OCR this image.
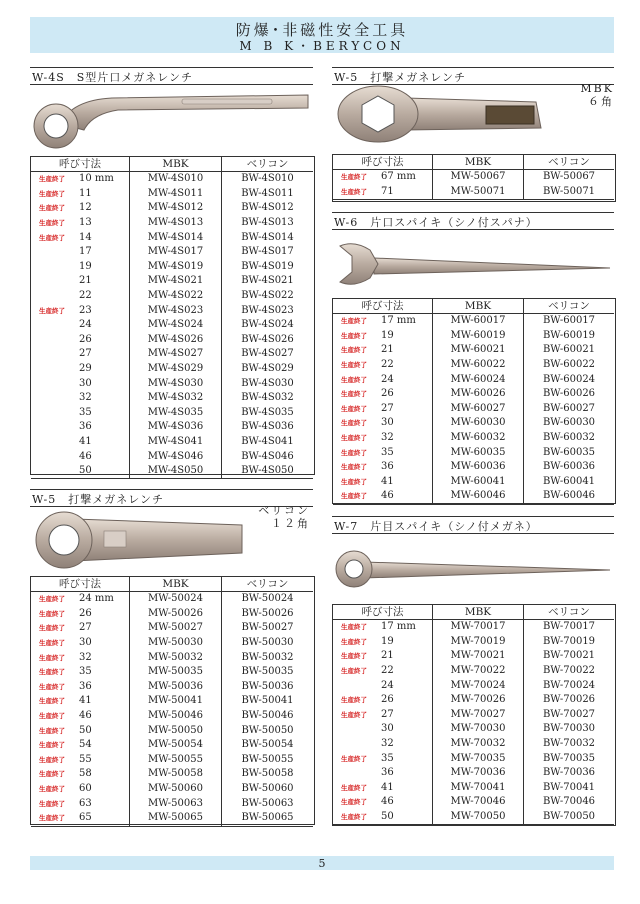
防爆･非磁性安全工具
M B K・BERYCON
W-4S　S型片口メガネレンチ
呼び寸法		MBK	ベリコン
生産終了	10 mm	MW-4S010	BW-4S010
生産終了	11	MW-4S011	BW-4S011
生産終了	12	MW-4S012	BW-4S012
生産終了	13	MW-4S013	BW-4S013
生産終了	14	MW-4S014	BW-4S014
	17	MW-4S017	BW-4S017
	19	MW-4S019	BW-4S019
	21	MW-4S021	BW-4S021
	22	MW-4S022	BW-4S022
生産終了	23	MW-4S023	BW-4S023
	24	MW-4S024	BW-4S024
	26	MW-4S026	BW-4S026
	27	MW-4S027	BW-4S027
	29	MW-4S029	BW-4S029
	30	MW-4S030	BW-4S030
	32	MW-4S032	BW-4S032
	35	MW-4S035	BW-4S035
	36	MW-4S036	BW-4S036
	41	MW-4S041	BW-4S041
	46	MW-4S046	BW-4S046
	50	MW-4S050	BW-4S050
W-5　打撃メガネレンチ
ベリコン
１２角
呼び寸法		MBK	ベリコン
生産終了	24 mm	MW-50024	BW-50024
生産終了	26	MW-50026	BW-50026
生産終了	27	MW-50027	BW-50027
生産終了	30	MW-50030	BW-50030
生産終了	32	MW-50032	BW-50032
生産終了	35	MW-50035	BW-50035
生産終了	36	MW-50036	BW-50036
生産終了	41	MW-50041	BW-50041
生産終了	46	MW-50046	BW-50046
生産終了	50	MW-50050	BW-50050
生産終了	54	MW-50054	BW-50054
生産終了	55	MW-50055	BW-50055
生産終了	58	MW-50058	BW-50058
生産終了	60	MW-50060	BW-50060
生産終了	63	MW-50063	BW-50063
生産終了	65	MW-50065	BW-50065
W-5　打撃メガネレンチ
MBK
６角
呼び寸法		MBK	ベリコン
生産終了	67 mm	MW-50067	BW-50067
生産終了	71	MW-50071	BW-50071
W-6　片口スパイキ（シノ付スパナ）
呼び寸法		MBK	ベリコン
生産終了	17 mm	MW-60017	BW-60017
生産終了	19	MW-60019	BW-60019
生産終了	21	MW-60021	BW-60021
生産終了	22	MW-60022	BW-60022
生産終了	24	MW-60024	BW-60024
生産終了	26	MW-60026	BW-60026
生産終了	27	MW-60027	BW-60027
生産終了	30	MW-60030	BW-60030
生産終了	32	MW-60032	BW-60032
生産終了	35	MW-60035	BW-60035
生産終了	36	MW-60036	BW-60036
生産終了	41	MW-60041	BW-60041
生産終了	46	MW-60046	BW-60046
W-7　片目スパイキ（シノ付メガネ）
呼び寸法		MBK	ベリコン
生産終了	17 mm	MW-70017	BW-70017
生産終了	19	MW-70019	BW-70019
生産終了	21	MW-70021	BW-70021
生産終了	22	MW-70022	BW-70022
	24	MW-70024	BW-70024
生産終了	26	MW-70026	BW-70026
生産終了	27	MW-70027	BW-70027
	30	MW-70030	BW-70030
	32	MW-70032	BW-70032
生産終了	35	MW-70035	BW-70035
	36	MW-70036	BW-70036
生産終了	41	MW-70041	BW-70041
生産終了	46	MW-70046	BW-70046
生産終了	50	MW-70050	BW-70050
5
